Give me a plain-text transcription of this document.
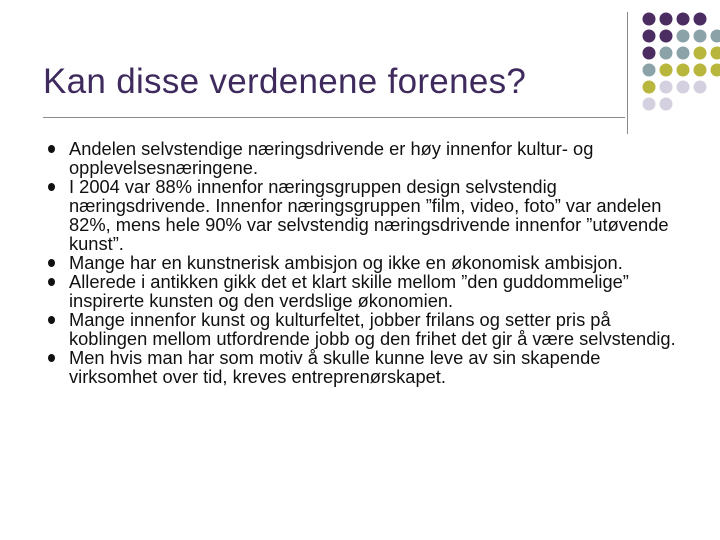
Kan disse verdenene forenes?
Andelen selvstendige næringsdrivende er høy innenfor kultur- og opplevelsesnæringene.
I 2004 var 88% innenfor næringsgruppen design selvstendig næringsdrivende. Innenfor næringsgruppen ”film, video, foto” var andelen 82%, mens hele 90% var selvstendig næringsdrivende innenfor ”utøvende kunst”.
Mange har en kunstnerisk ambisjon og ikke en økonomisk ambisjon.
Allerede i antikken gikk det et klart skille mellom ”den guddommelige” inspirerte kunsten og den verdslige økonomien.
Mange innenfor kunst og kulturfeltet, jobber frilans og setter pris på koblingen mellom utfordrende jobb og den frihet det gir å være selvstendig.
Men hvis man har som motiv å skulle kunne leve av sin skapende virksomhet over tid, kreves entreprenørskapet.
